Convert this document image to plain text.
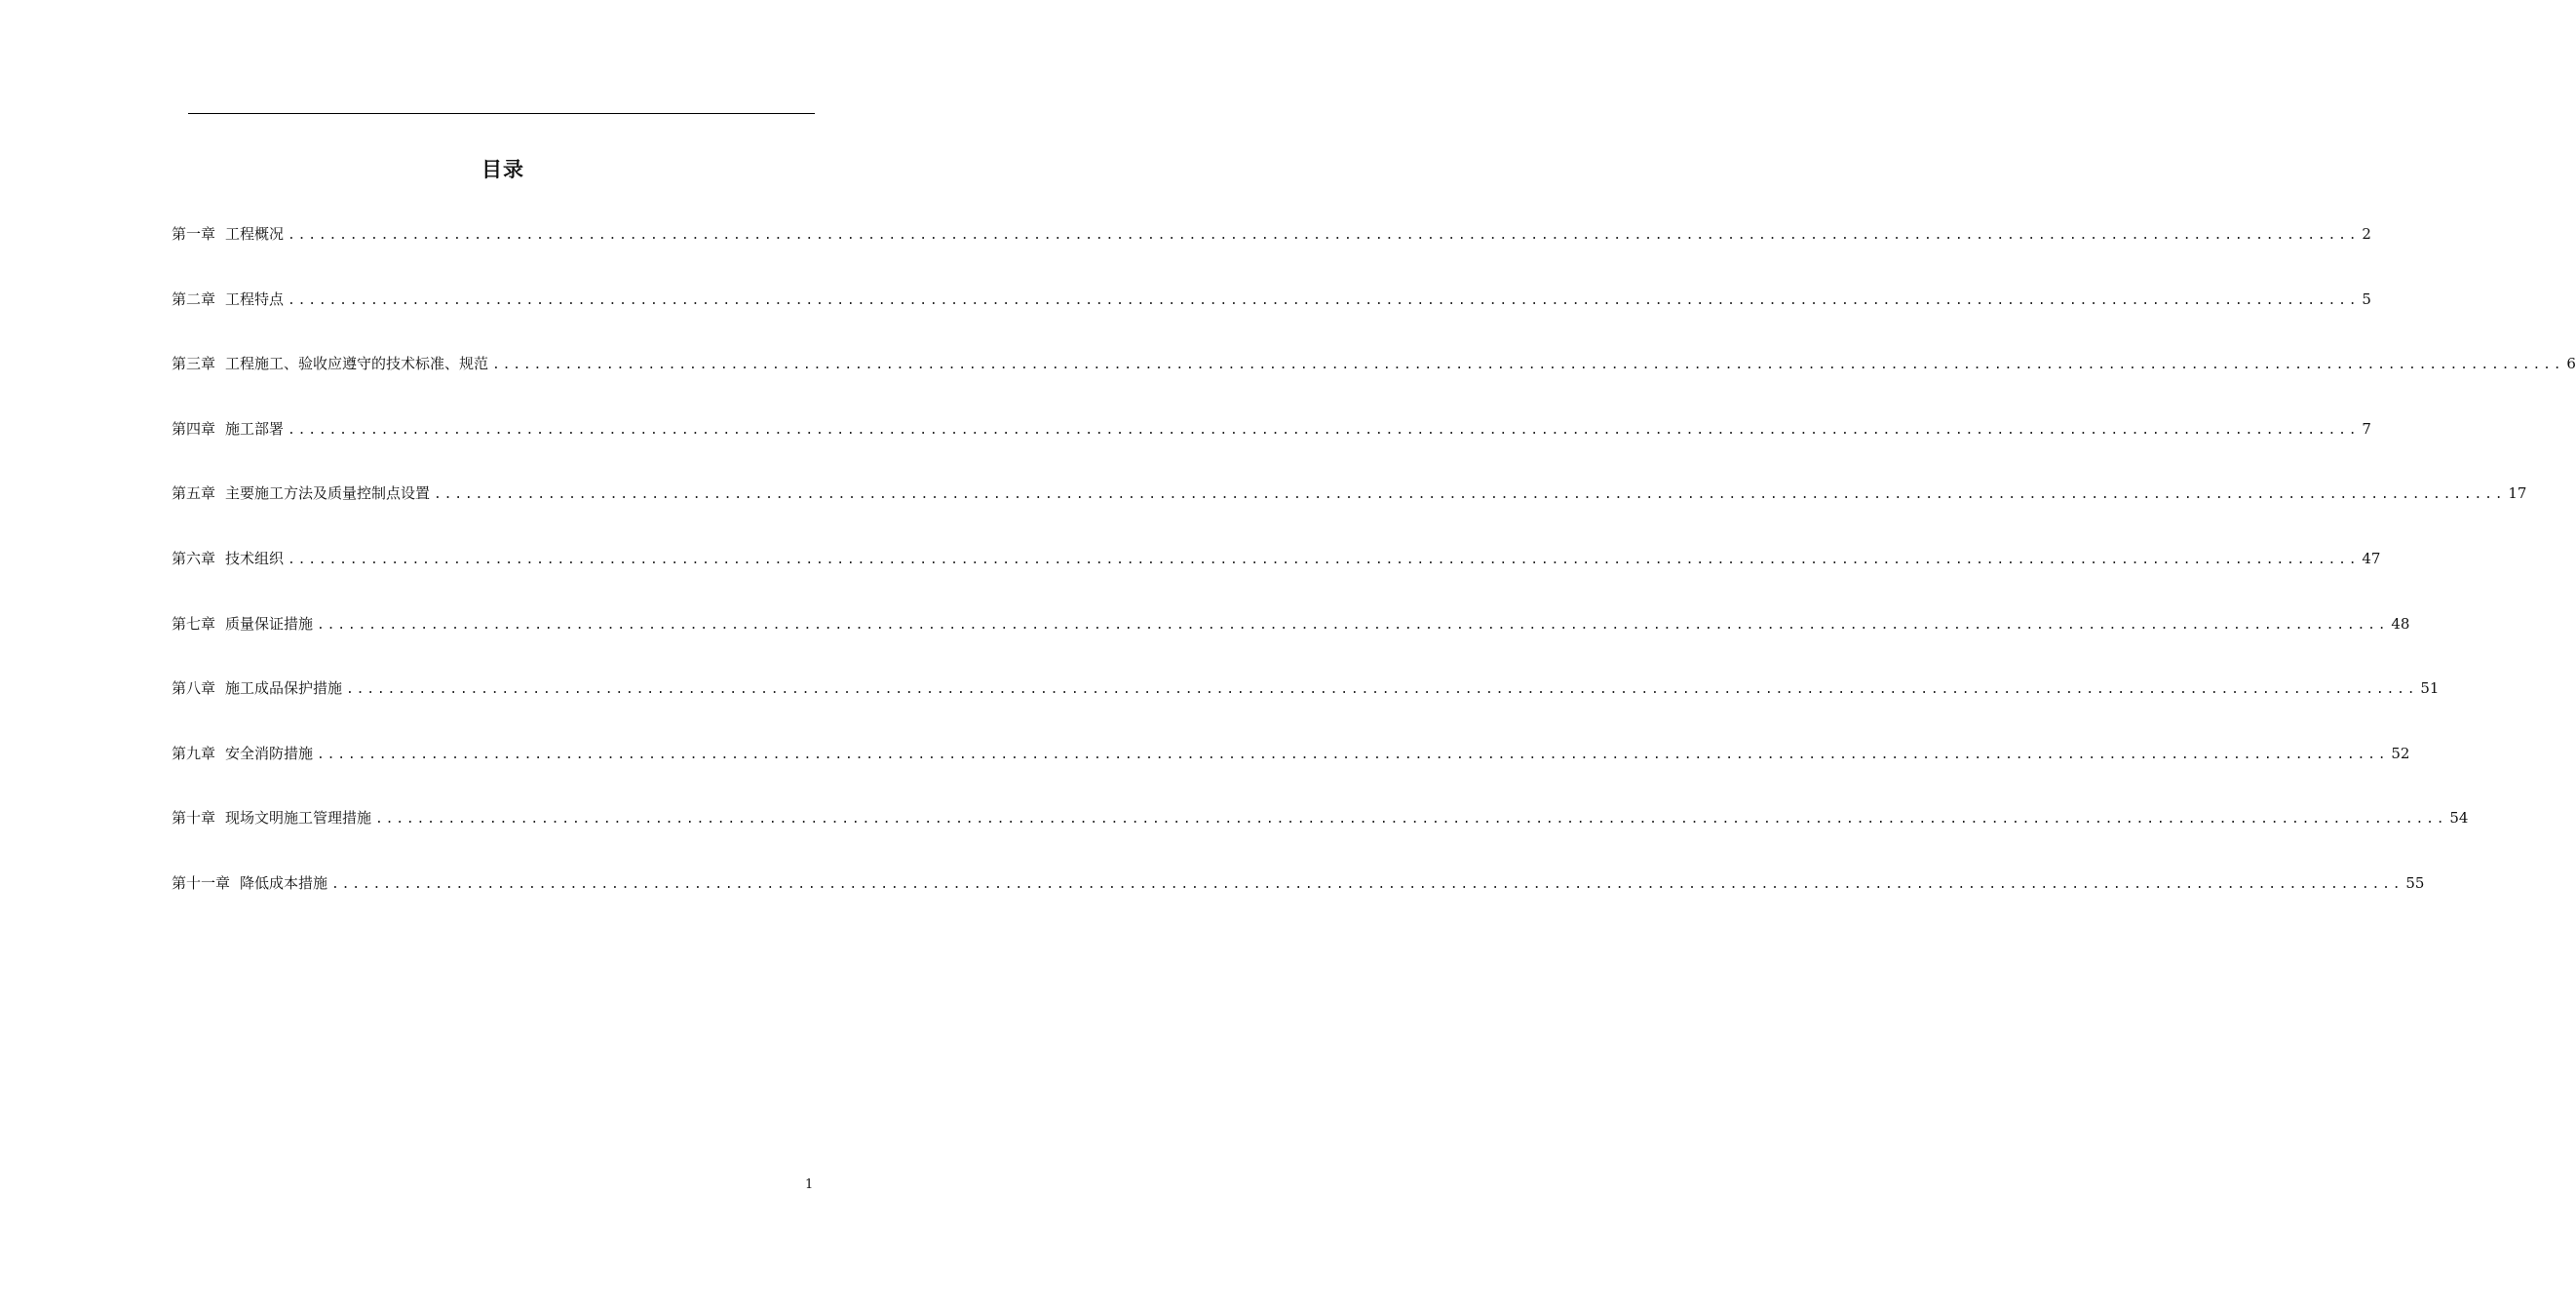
目录
第一章 工程概况 ........................................................................................................................................................................................................ 2
第二章 工程特点 ........................................................................................................................................................................................................ 5
第三章 工程施工、验收应遵守的技术标准、规范 ........................................................................................................................................................................................................ 6
第四章 施工部署 ........................................................................................................................................................................................................ 7
第五章 主要施工方法及质量控制点设置 ........................................................................................................................................................................................................ 17
第六章 技术组织 ........................................................................................................................................................................................................ 47
第七章 质量保证措施 ........................................................................................................................................................................................................ 48
第八章 施工成品保护措施 ........................................................................................................................................................................................................ 51
第九章 安全消防措施 ........................................................................................................................................................................................................ 52
第十章 现场文明施工管理措施 ........................................................................................................................................................................................................ 54
第十一章 降低成本措施 ........................................................................................................................................................................................................ 55
1
